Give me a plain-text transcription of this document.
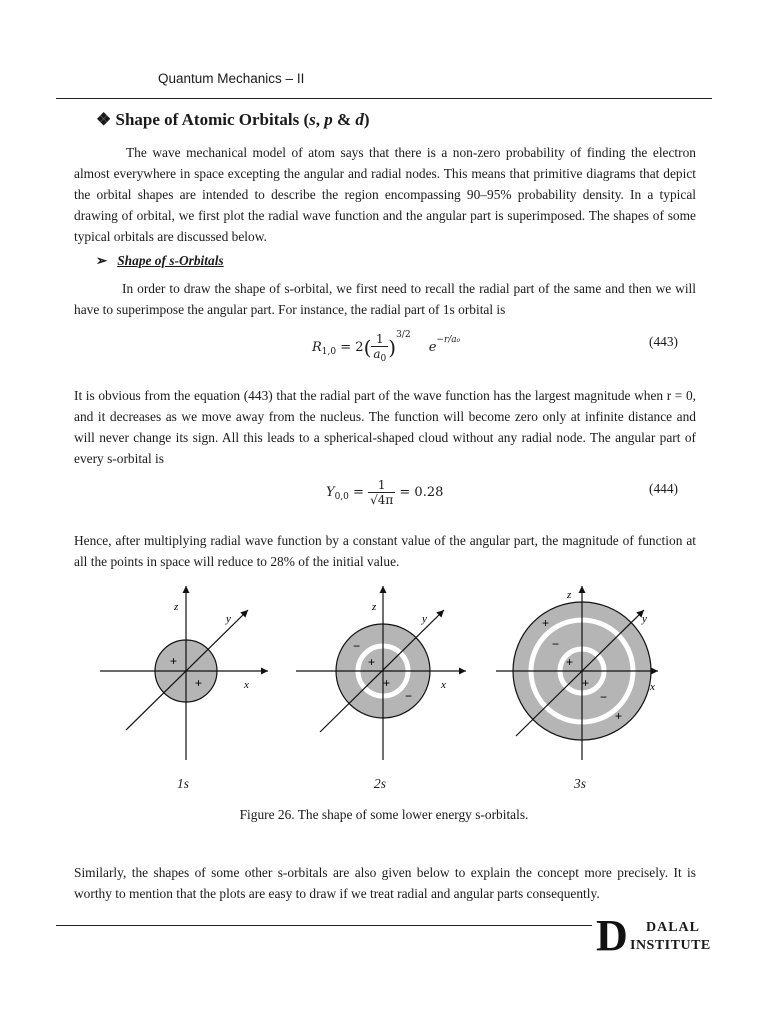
Quantum Mechanics – II
❖ Shape of Atomic Orbitals (s, p & d)
The wave mechanical model of atom says that there is a non-zero probability of finding the electron almost everywhere in space excepting the angular and radial nodes. This means that primitive diagrams that depict the orbital shapes are intended to describe the region encompassing 90–95% probability density. In a typical drawing of orbital, we first plot the radial wave function and the angular part is superimposed. The shapes of some typical orbitals are discussed below.
➢ Shape of s-Orbitals
In order to draw the shape of s-orbital, we first need to recall the radial part of the same and then we will have to superimpose the angular part. For instance, the radial part of 1s orbital is
$R_{1,0} = 2( \frac{1}{a_0} )^{3/2}$ $e^{-r/a_0}$	(443)
It is obvious from the equation (443) that the radial part of the wave function has the largest magnitude when r = 0, and it decreases as we move away from the nucleus. The function will become zero only at infinite distance and will never change its sign. All this leads to a spherical-shaped cloud without any radial node. The angular part of every s-orbital is
$Y_{0,0} = \frac{1}{√4\pi} = 0.28$	(444)
Hence, after multiplying radial wave function by a constant value of the angular part, the magnitude of function at all the points in space will reduce to 28% of the initial value.
z
y
x
+
+
z
y
x
+
+
−
−
z
y
x
+
+
−
−
+
+
1s	2s	3s
Figure 26. The shape of some lower energy s-orbitals.
Similarly, the shapes of some other s-orbitals are also given below to explain the concept more precisely. It is worthy to mention that the plots are easy to draw if we treat radial and angular parts consequently.
D DALAL
INSTITUTE
